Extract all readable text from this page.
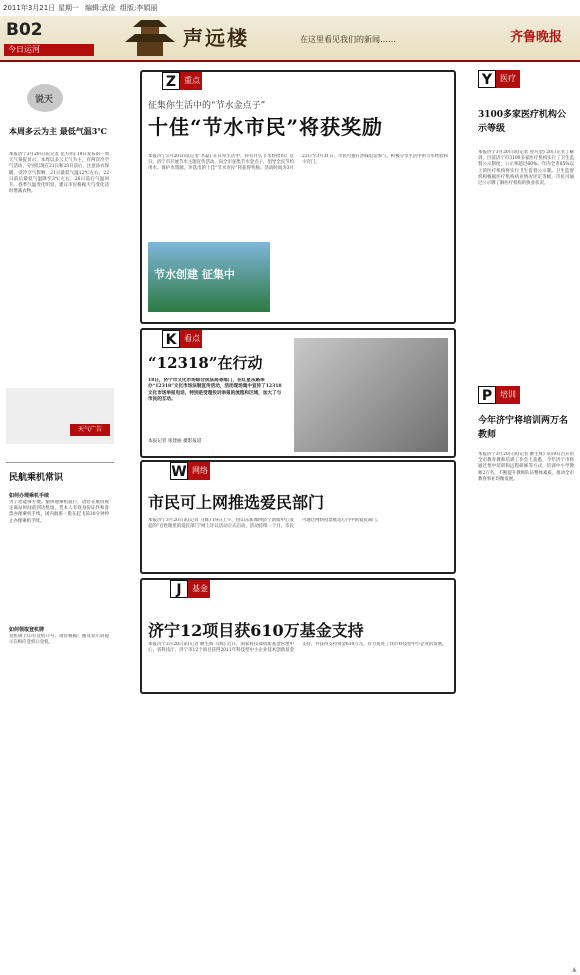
2011年3月21日 星期一 编辑:武俭 组版:李娟丽
B02
今日运河	声远楼	在这里看见我们的新闻……	齐鲁晚报
说天
本周多云为主 最低气温3℃
本报济宁3月20日讯(记者 范方伟) 19日发布的一周天气预报显示，本周以多云天气为主，有两次冷空气活动，分别出现在21日和23日前后，注意添衣保暖。受冷空气影响，21日最低气温12℃左右，22日前后最低气温降至3℃左右，26日前后气温回升。春季气温变化明显，建议市民根据天气变化适时增减衣物。
天气广告
民航乘机常识
如何办理乘机手续
为了您能够方便、愉快地乘机旅行，请您在航班规定离站时间前到达机场，凭本人有效身份证件和客票办理乘机手续。国内航班一般在起飞前30分钟停止办理乘机手续。
如何领取登机牌
登机牌上印有登机口号，请您根据广播及显示屏提示在相应登机口登机。
Z 重点
征集你生活中的“节水金点子”
十佳“节水市民”将获奖励
本报济宁3月20日讯(记者 李磊) 在日常生活中，你有什么节水妙招吗？近日，济宁市开展节水主题宣传活动，向全市征集节水金点子，倡导全民节约用水、保护水资源。评选出的十佳“节水市民”将获得奖励。活动时间为3月21日至3月31日，市民可拨打热线电话参与，积极分享生活中的节水经验和小窍门。
节水创建 征集中
K 看点
“12318”在行动
18日，济宁市文化市场综合执法局等部门，在红星东路举办“12318”文化市场法制宣传活动，活动现场集中宣传了12318文化市场举报电话，特别是受理投诉举报的流程和区域，加大了与市民的互动。
本报记者 张建丽 摄影报道
W 网络
市民可上网推选爱民部门
本报济宁3月20日讯(记者 马辉) 19日上午，由山东新闻网济宁新闻中心发起的“百姓眼里的爱民部门”网上评议活动正式启动，活动持续一个月，市民可通过网络投票推选心目中的爱民部门。
J 基金
济宁12项目获610万基金支持
本报济宁3月20日讯(记者 姬生辉 马辉) 近日，国家科技部创新基金管理中心、省科技厅，济宁市12个项目获得2011年科技型中小企业技术创新基金支持，共获得支持资金610万元，有力促进了我市科技型中小企业的发展。
Y 医疗
3100多家医疗机构公示等级
本报济宁3月20日讯(记者 曾凡金) 20日记者了解到，目前济宁市3100多家医疗机构实行了卫生监督公示制度，公示率超过60%。年内全市85%以上的医疗机构将实行卫生监督公示制。卫生监督机构根据医疗机构执业情况评定等级，市民可通过公示牌了解医疗机构的执业状况。
P 培训
今年济宁将培训两万名教师
本报济宁3月20日讯(记者 姬生辉) 从19日召开的全市教育教师培训工作会上获悉，今年济宁市将通过集中培训和远程研修等方式，培训中小学教师2万名，不断提升教师队伍整体素质，推动全市教育事业均衡发展。
▲
